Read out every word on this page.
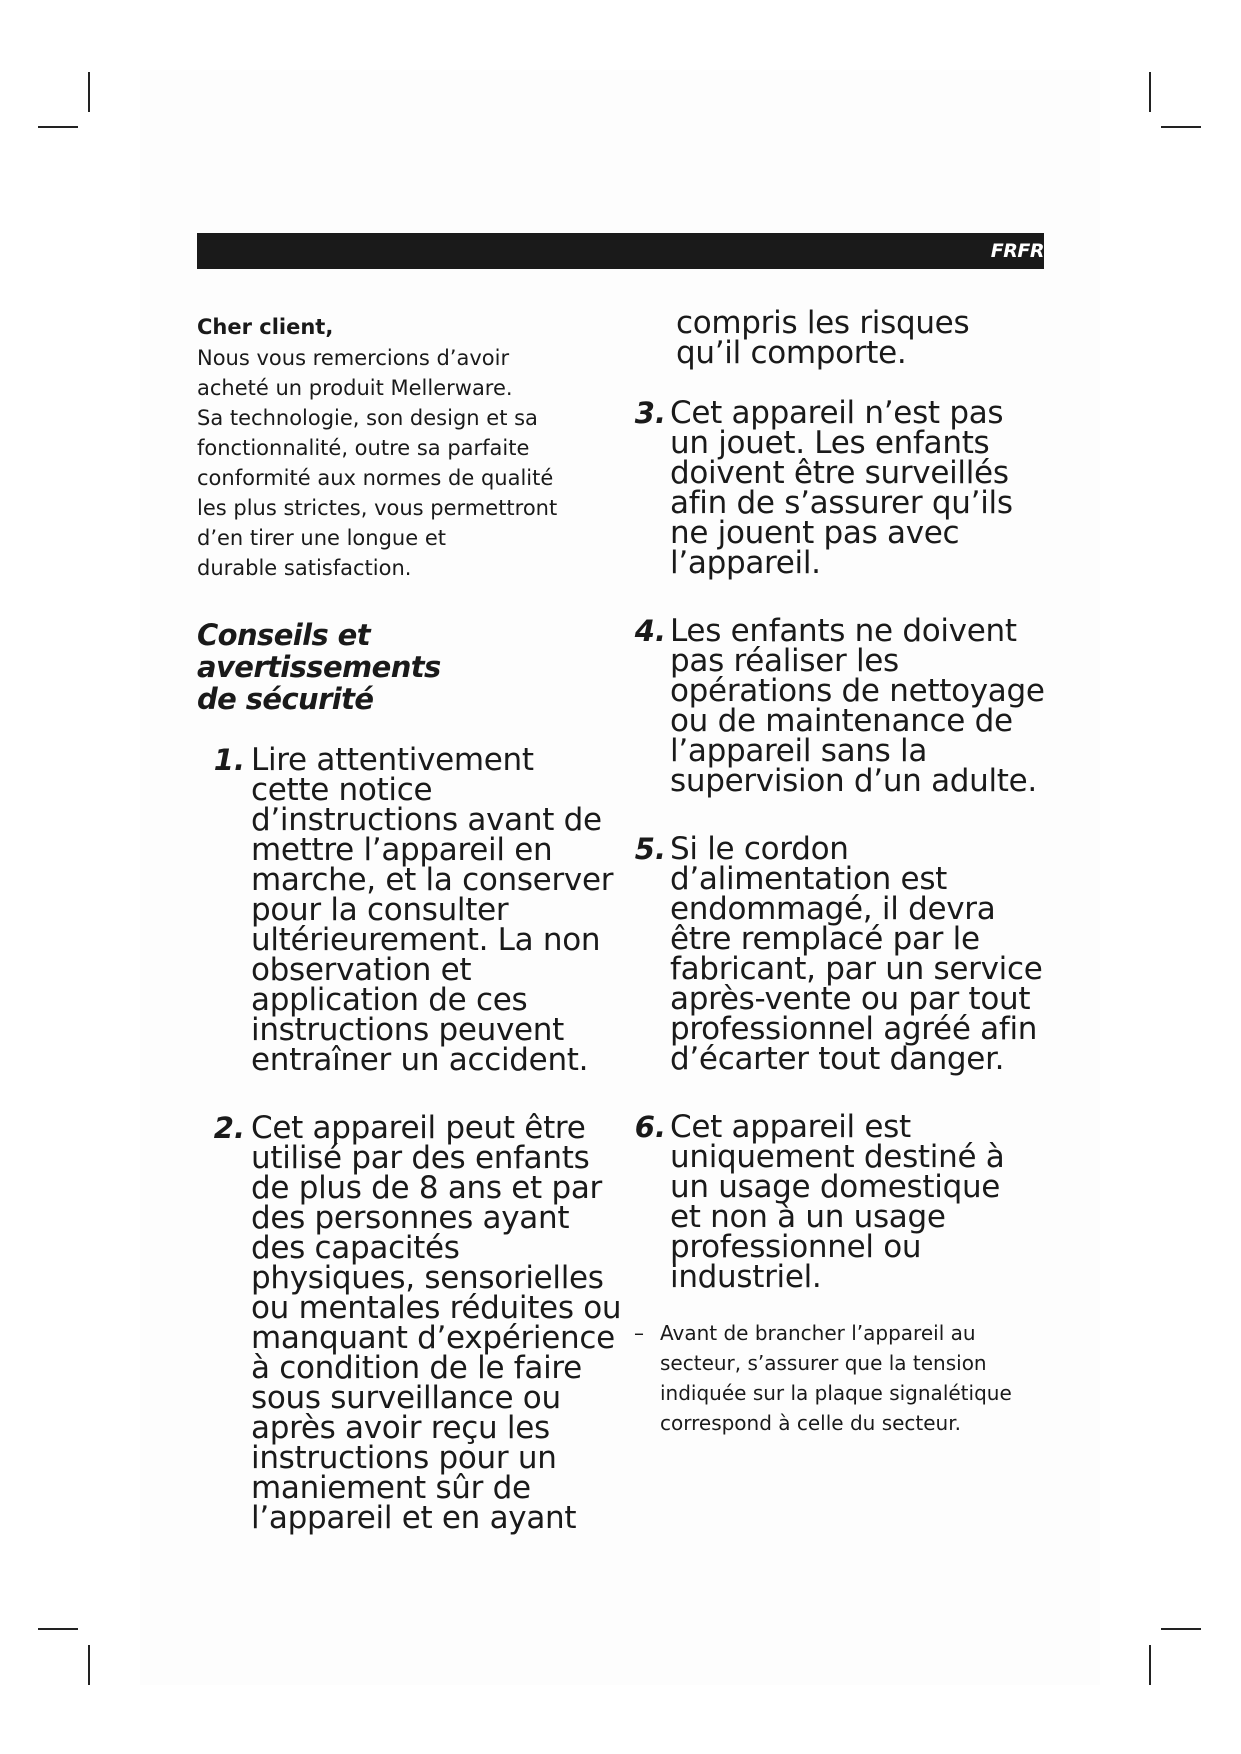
FRFR
Cher client,
Nous vous remercions d’avoir
acheté un produit Mellerware.
Sa technologie, son design et sa
fonctionnalité, outre sa parfaite
conformité aux normes de qualité
les plus strictes, vous permettront
d’en tirer une longue et
durable satisfaction.
Conseils et avertissements
de sécurité
1. Lire attentivement cette notice d’instructions avant de mettre l’appareil en marche, et la conserver pour la consulter ultérieurement. La non observation et application de ces instructions peuvent entraîner un accident.
2. Cet appareil peut être utilisé par des enfants de plus de 8 ans et par des personnes ayant des capacités physiques, sensorielles ou mentales réduites ou manquant d’expérience à condition de le faire sous surveillance ou après avoir reçu les instructions pour un maniement sûr de l’appareil et en ayant
compris les risques qu’il comporte.
3. Cet appareil n’est pas un jouet. Les enfants doivent être surveillés afin de s’assurer qu’ils ne jouent pas avec l’appareil.
4. Les enfants ne doivent pas réaliser les opérations de nettoyage ou de maintenance de l’appareil sans la supervision d’un adulte.
5. Si le cordon d’alimentation est endommagé, il devra être remplacé par le fabricant, par un service après-vente ou par tout professionnel agréé afin d’écarter tout danger.
6. Cet appareil est uniquement destiné à un usage domestique et non à un usage professionnel ou industriel.
– Avant de brancher l’appareil au secteur, s’assurer que la tension indiquée sur la plaque signalétique correspond à celle du secteur.
